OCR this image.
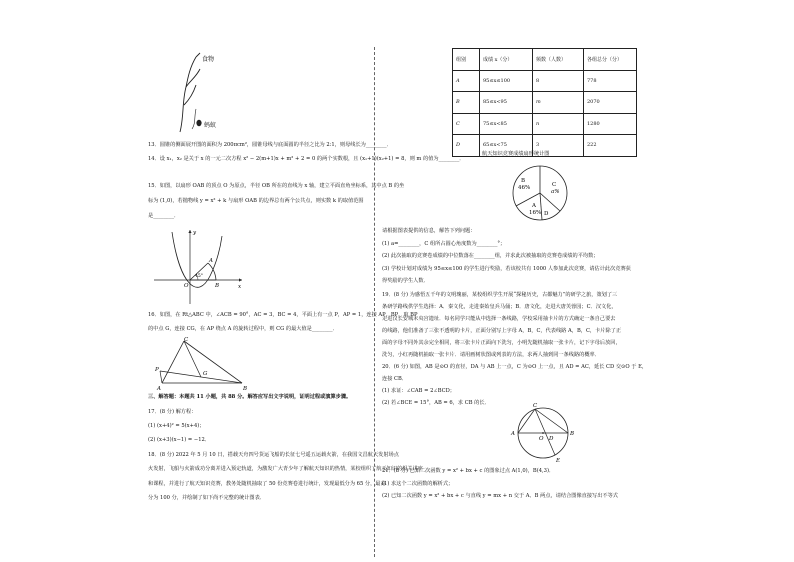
食物
蚂蚁
13．圆锥的侧面展开图的面积为 200πcm²，圆锥母线与底面圆的半径之比为 2:1，则母线长为________．
14．设 x₁，x₂ 是关于 x 的一元二次方程 x² − 2(m+1)x + m² + 2 = 0 的两个实数根，且 (x₁+1)(x₂+1) = 8，则 m 的值为________．
15．如图，以扇形 OAB 的顶点 O 为原点，半径 OB 所在的直线为 x 轴，建立平面直角坐标系，其中点 B 的坐
标为 (1,0)，若抛物线 y = x² + k 与扇形 OAB 的边界总有两个公共点，则实数 k 的取值范围
是________．
y
x
O	B
A
45°
16．如图，在 Rt△ABC 中，∠ACB = 90°，AC = 3，BC = 4，平面上有一点 P，AP = 1，连接 AP，BP，取 BP
的中点 G，连接 CG，在 AP 绕点 A 的旋转过程中，则 CG 的最大值是________．
C
P
G
A	B
三、解答题：本题共 11 小题，共 88 分。解答应写出文字说明，证明过程或演算步骤。
17．(8 分) 解方程：
(1) (x+4)² = 5(x+4)；
(2) (x+3)(x−1) = −12．
18．(8 分) 2022 年 5 月 10 日，搭载天舟四号货运飞船的长征七号遥五运载火箭，在我国文昌航天发射场点
火发射，飞船与火箭成功分离并进入预定轨道，为激发广大青少年了解航天知识的热情，某校组织了航天知识的相关讲座
和课程，并进行了航天知识竞赛，教务处随机抽取了 50 份竞赛卷进行统计，发现最低分为 65 分，最高
分为 100 分，并绘制了如下尚不完整的统计图表．
组别	成绩 x（分）	频数（人数）	各组总分（分）
A	95≤x≤100	8	778
B	85≤x<95	m	2070
C	75≤x<85	n	1280
D	65≤x<75	3	222
航天知识竞赛成绩扇形统计图
B
46%	C
a%
A
16% D
请根据图表提供的信息，解答下列问题：
(1) a=________，C 组所占圆心角度数为________°；
(2) 此次抽取的竞赛卷成绩的中位数落在________组，并求此次被抽取的竞赛卷成绩的平均数；
(3) 学校计划对成绩为 95≤x≤100 的学生进行奖励，若该校共有 1000 人参加此次竞赛，请估计此次竞赛获
得奖励的学生人数．
19．(8 分) 为感悟五千年的文明瑰丽，某校组织学生开展“探秘历史，古都魅力”的研学之旅，策划了三
条研学路线供学生选择：A．秦文化，走进秦始皇兵马俑；B．唐文化，走进大唐芙蓉园；C．汉文化，
走进汉长安城未央宫遗址．每名同学只能从中选择一条线路，学校采用抽卡片的方式确定一条自己要去
的线路，他们准备了三张不透明的卡片，正面分别写上字母 A，B，C，代表线路 A，B，C，卡片除了正
面的字母不同外其余完全相同，将三张卡片正面向下洗匀，小明先随机抽取一张卡片，记下字母后放回，
洗匀，小红再随机抽取一张卡片．请用画树状图或列表的方法，求两人抽到同一条线路的概率．
20．(6 分) 如图，AB 是⊙O 的直径，DA 与 AB 上一点，C 为⊙O 上一点，且 AD = AC，延长 CD 交⊙O 于 E，
连接 CB．
(1) 求证：∠CAB = 2∠BCD；
(2) 若∠BCE = 15°，AB = 6，求 CB 的长．	C
A
O D
B
E
21．(8 分) 已知二次函数 y = x² + bx + c 的图象过点 A(1,0)，B(4,3)．
(1) 求这个二次函数的解析式；
(2) 已知二次函数 y = x² + bx + c 与直线 y = mx + n 交于 A、B 两点，请结合图像直接写出不等式
